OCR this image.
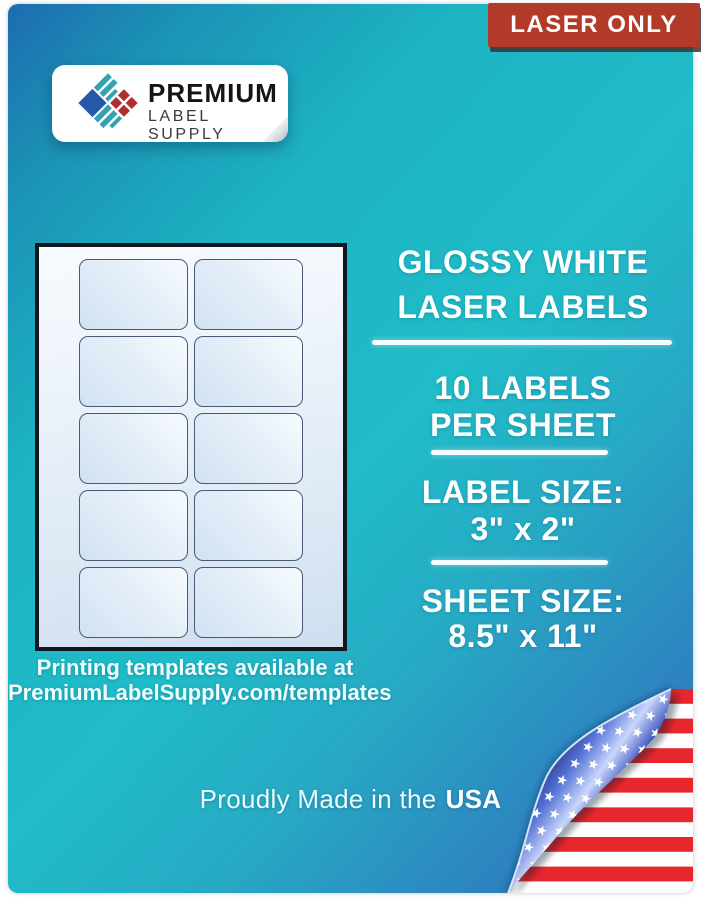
PREMIUM
LABEL SUPPLY
Printing templates available at
PremiumLabelSupply.com/templates
GLOSSY WHITE
LASER LABELS
10 LABELS
PER SHEET
LABEL SIZE:
3" x 2"
SHEET SIZE:
8.5" x 11"
Proudly Made in the USA
LASER ONLY
